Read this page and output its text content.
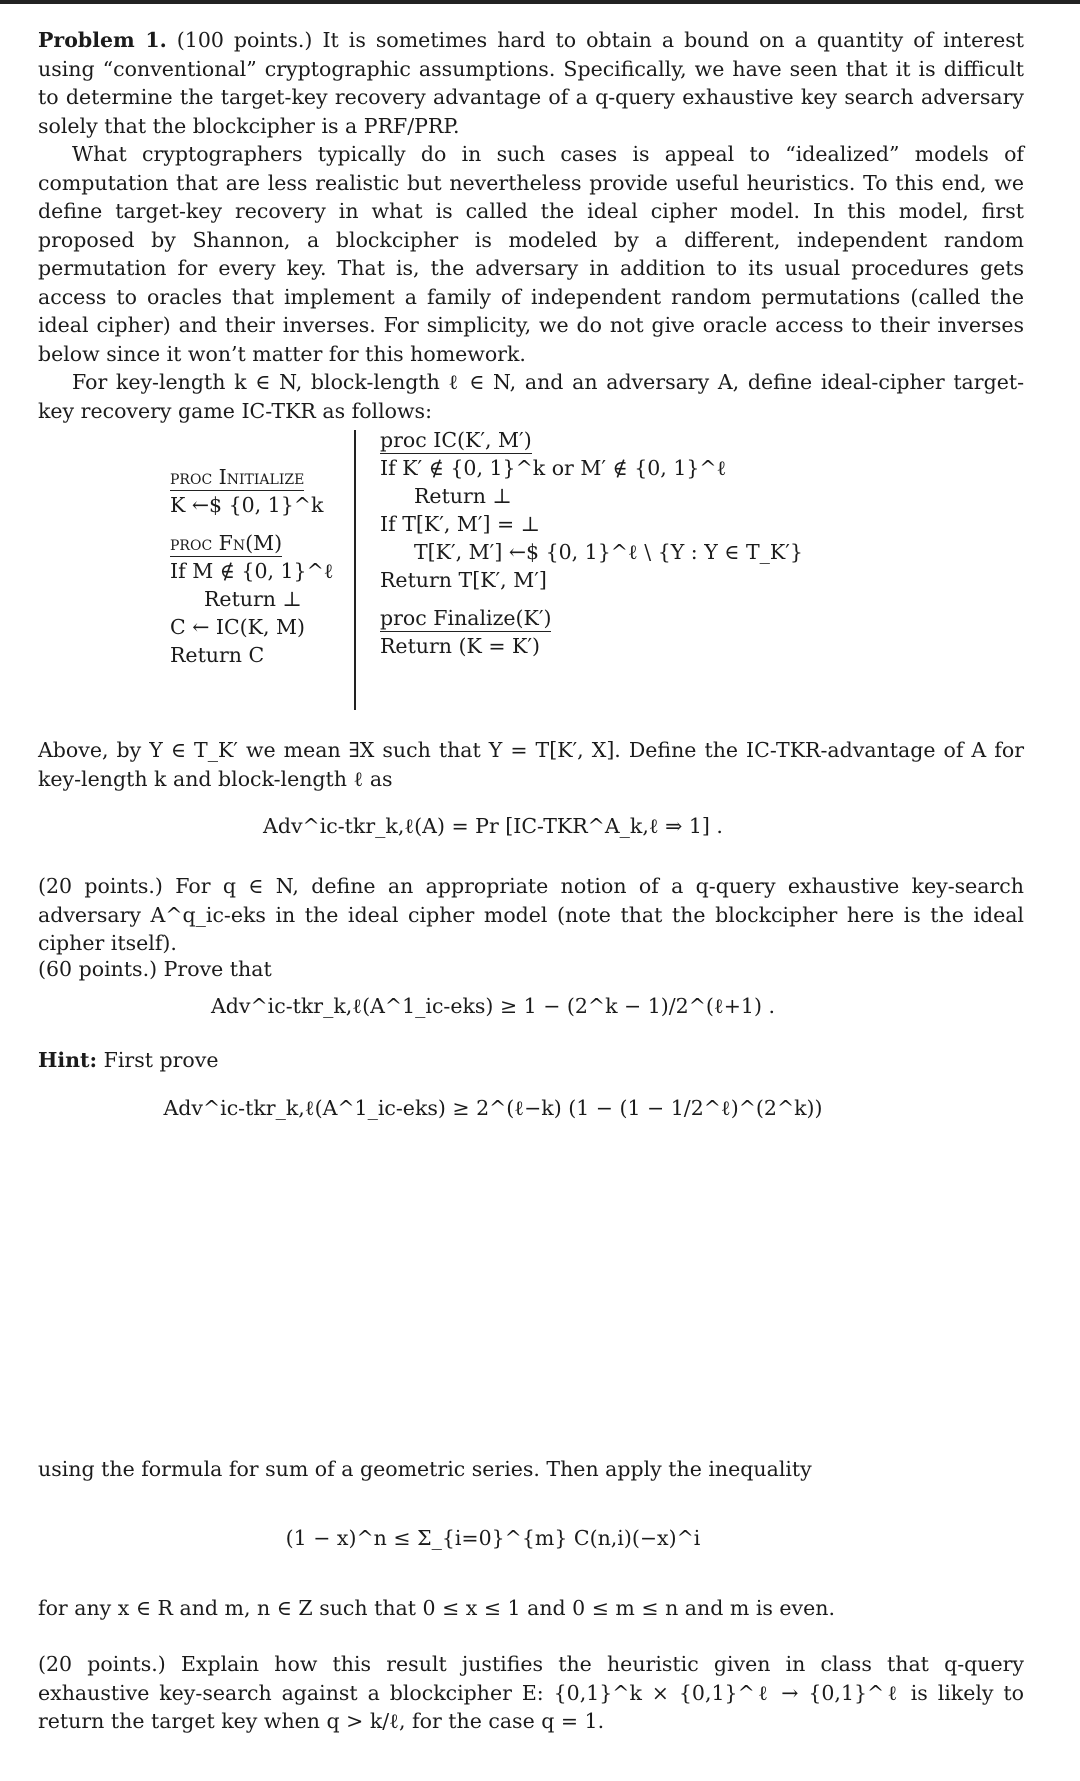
Problem 1. (100 points.) It is sometimes hard to obtain a bound on a quantity of interest using “conventional” cryptographic assumptions. Specifically, we have seen that it is difficult to determine the target-key recovery advantage of a q-query exhaustive key search adversary solely that the blockcipher is a PRF/PRP.

What cryptographers typically do in such cases is appeal to “idealized” models of computation that are less realistic but nevertheless provide useful heuristics. To this end, we define target-key recovery in what is called the ideal cipher model. In this model, first proposed by Shannon, a blockcipher is modeled by a different, independent random permutation for every key. That is, the adversary in addition to its usual procedures gets access to oracles that implement a family of independent random permutations (called the ideal cipher) and their inverses. For simplicity, we do not give oracle access to their inverses below since it won’t matter for this homework.

For key-length k ∈ N, block-length ℓ ∈ N, and an adversary A, define ideal-cipher target-key recovery game IC-TKR as follows:

proc Initialize
K ←$ {0, 1}^k
proc Fn(M)
If M ∉ {0, 1}^ℓ
Return ⊥
C ← IC(K, M)
Return C
proc IC(K′, M′)
If K′ ∉ {0, 1}^k or M′ ∉ {0, 1}^ℓ
Return ⊥
If T[K′, M′] = ⊥
T[K′, M′] ←$ {0, 1}^ℓ \ {Y : Y ∈ T_K′}
Return T[K′, M′]
proc Finalize(K′)
Return (K = K′)

Above, by Y ∈ T_K′ we mean ∃X such that Y = T[K′, X]. Define the IC-TKR-advantage of A for key-length k and block-length ℓ as

Adv^ic-tkr_k,ℓ(A) = Pr [IC-TKR^A_k,ℓ ⇒ 1] .

(20 points.) For q ∈ N, define an appropriate notion of a q-query exhaustive key-search adversary A^q_ic-eks in the ideal cipher model (note that the blockcipher here is the ideal cipher itself).

(60 points.) Prove that

Adv^ic-tkr_k,ℓ(A^1_ic-eks) ≥ 1 − (2^k − 1)/2^(ℓ+1) .

Hint: First prove

Adv^ic-tkr_k,ℓ(A^1_ic-eks) ≥ 2^(ℓ−k) (1 − (1 − 1/2^ℓ)^(2^k))

using the formula for sum of a geometric series. Then apply the inequality

(1 − x)^n ≤ Σ_{i=0}^{m} C(n,i)(−x)^i

for any x ∈ R and m, n ∈ Z such that 0 ≤ x ≤ 1 and 0 ≤ m ≤ n and m is even.

(20 points.) Explain how this result justifies the heuristic given in class that q-query exhaustive key-search against a blockcipher E: {0,1}^k × {0,1}^ℓ → {0,1}^ℓ is likely to return the target key when q > k/ℓ, for the case q = 1.
